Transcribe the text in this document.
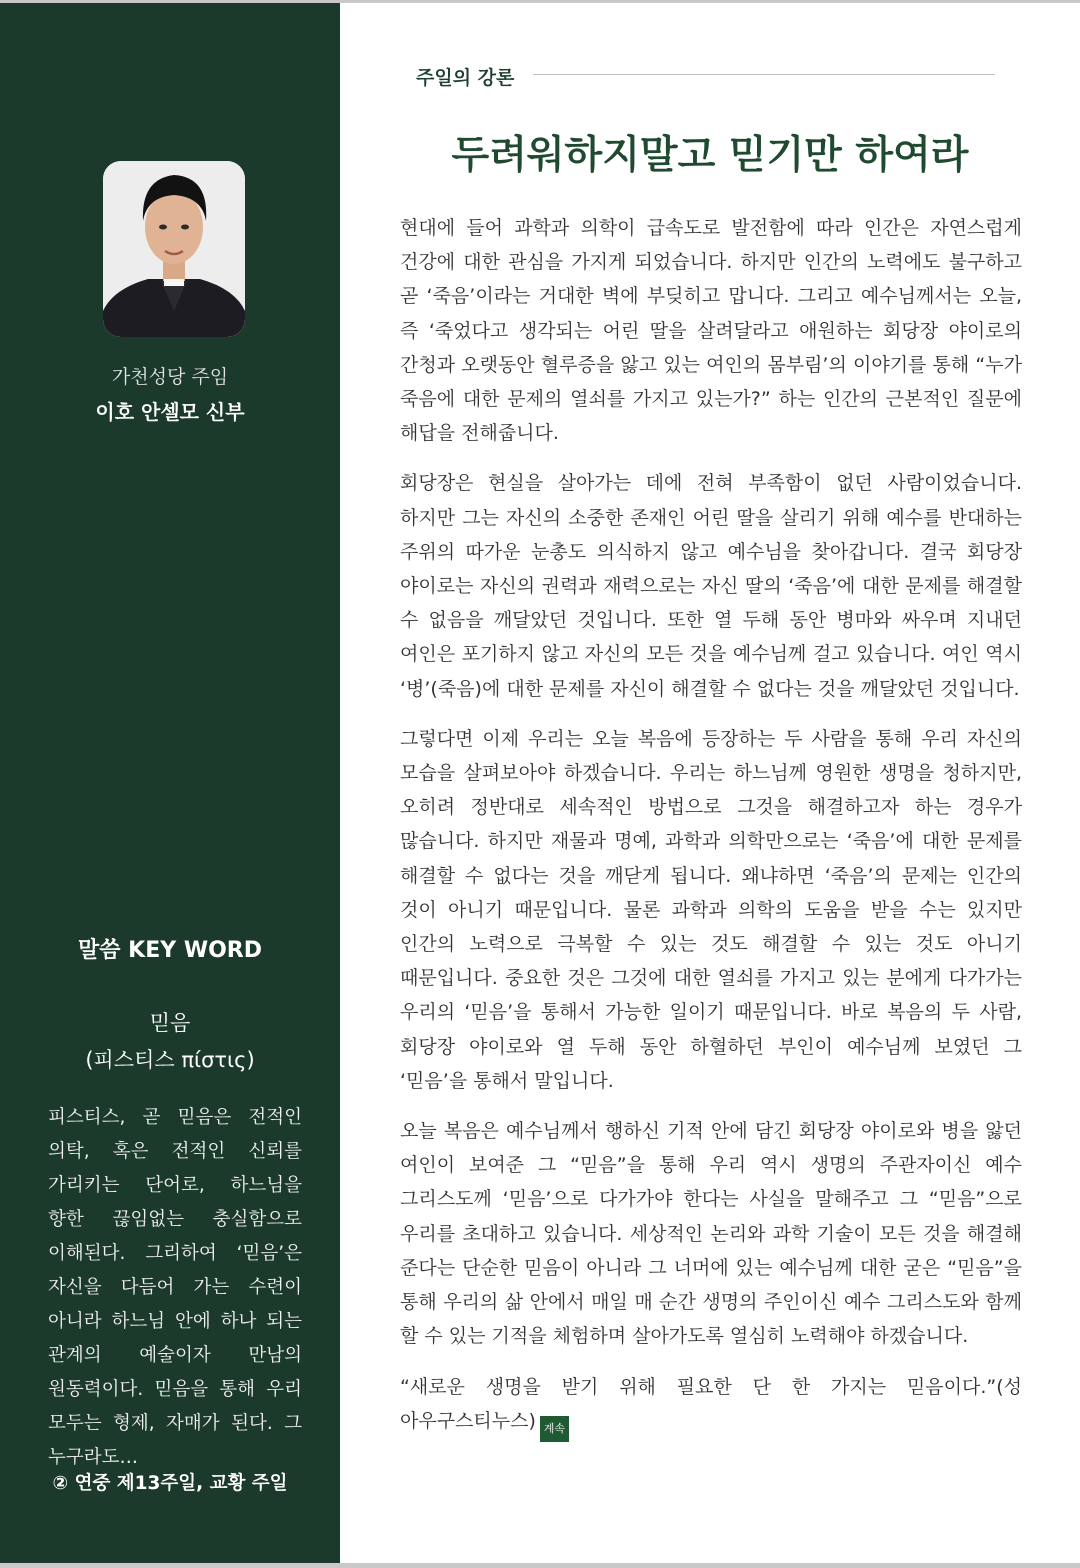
가천성당 주임
이호 안셀모 신부
말씀 KEY WORD
믿음
(피스티스 πίστις)
피스티스, 곧 믿음은 전적인 의탁, 혹은 전적인 신뢰를 가리키는 단어로, 하느님을 향한 끊임없는 충실함으로 이해된다. 그리하여 ‘믿음’은 자신을 다듬어 가는 수련이 아니라 하느님 안에 하나 되는 관계의 예술이자 만남의 원동력이다. 믿음을 통해 우리 모두는 형제, 자매가 된다. 그 누구라도…
② 연중 제13주일, 교황 주일
주일의 강론
두려워하지말고 믿기만 하여라

현대에 들어 과학과 의학이 급속도로 발전함에 따라 인간은 자연스럽게 건강에 대한 관심을 가지게 되었습니다. 하지만 인간의 노력에도 불구하고 곧 ‘죽음’이라는 거대한 벽에 부딪히고 맙니다. 그리고 예수님께서는 오늘, 즉 ‘죽었다고 생각되는 어린 딸을 살려달라고 애원하는 회당장 야이로의 간청과 오랫동안 혈루증을 앓고 있는 여인의 몸부림’의 이야기를 통해 “누가 죽음에 대한 문제의 열쇠를 가지고 있는가?” 하는 인간의 근본적인 질문에 해답을 전해줍니다.

회당장은 현실을 살아가는 데에 전혀 부족함이 없던 사람이었습니다. 하지만 그는 자신의 소중한 존재인 어린 딸을 살리기 위해 예수를 반대하는 주위의 따가운 눈총도 의식하지 않고 예수님을 찾아갑니다. 결국 회당장 야이로는 자신의 권력과 재력으로는 자신 딸의 ‘죽음’에 대한 문제를 해결할 수 없음을 깨달았던 것입니다. 또한 열 두해 동안 병마와 싸우며 지내던 여인은 포기하지 않고 자신의 모든 것을 예수님께 걸고 있습니다. 여인 역시 ‘병’(죽음)에 대한 문제를 자신이 해결할 수 없다는 것을 깨달았던 것입니다.

그렇다면 이제 우리는 오늘 복음에 등장하는 두 사람을 통해 우리 자신의 모습을 살펴보아야 하겠습니다. 우리는 하느님께 영원한 생명을 청하지만, 오히려 정반대로 세속적인 방법으로 그것을 해결하고자 하는 경우가 많습니다. 하지만 재물과 명예, 과학과 의학만으로는 ‘죽음’에 대한 문제를 해결할 수 없다는 것을 깨닫게 됩니다. 왜냐하면 ‘죽음’의 문제는 인간의 것이 아니기 때문입니다. 물론 과학과 의학의 도움을 받을 수는 있지만 인간의 노력으로 극복할 수 있는 것도 해결할 수 있는 것도 아니기 때문입니다. 중요한 것은 그것에 대한 열쇠를 가지고 있는 분에게 다가가는 우리의 ‘믿음’을 통해서 가능한 일이기 때문입니다. 바로 복음의 두 사람, 회당장 야이로와 열 두해 동안 하혈하던 부인이 예수님께 보였던 그 ‘믿음’을 통해서 말입니다.

오늘 복음은 예수님께서 행하신 기적 안에 담긴 회당장 야이로와 병을 앓던 여인이 보여준 그 “믿음”을 통해 우리 역시 생명의 주관자이신 예수 그리스도께 ‘믿음’으로 다가가야 한다는 사실을 말해주고 그 “믿음”으로 우리를 초대하고 있습니다. 세상적인 논리와 과학 기술이 모든 것을 해결해 준다는 단순한 믿음이 아니라 그 너머에 있는 예수님께 대한 굳은 “믿음”을 통해 우리의 삶 안에서 매일 매 순간 생명의 주인이신 예수 그리스도와 함께 할 수 있는 기적을 체험하며 살아가도록 열심히 노력해야 하겠습니다.

“새로운 생명을 받기 위해 필요한 단 한 가지는 믿음이다.”(성 아우구스티누스) 계속
